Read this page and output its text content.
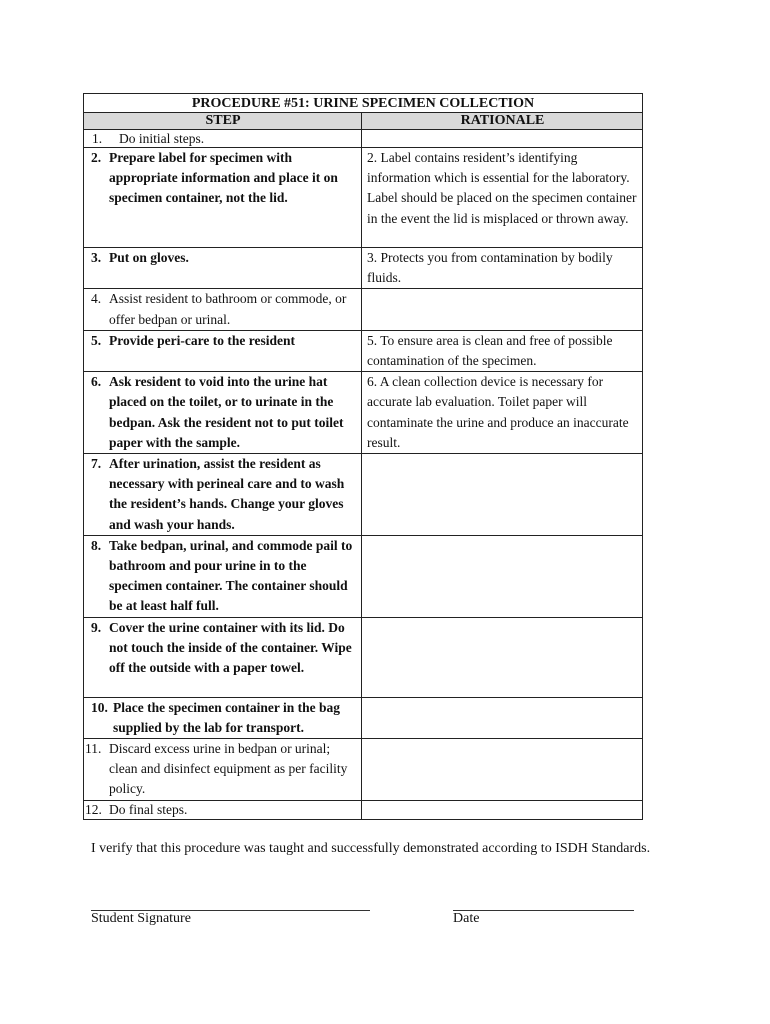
PROCEDURE #51: URINE SPECIMEN COLLECTION	
STEP	RATIONALE

1. Do initial steps.	

2. Prepare label for specimen with appropriate information and place it on specimen container, not the lid.	2. Label contains resident’s identifying information which is essential for the laboratory. Label should be placed on the specimen container in the event the lid is misplaced or thrown away.

3. Put on gloves.	3. Protects you from contamination by bodily fluids.

4. Assist resident to bathroom or commode, or offer bedpan or urinal.	

5. Provide peri-care to the resident	5. To ensure area is clean and free of possible contamination of the specimen.

6. Ask resident to void into the urine hat placed on the toilet, or to urinate in the bedpan. Ask the resident not to put toilet paper with the sample.	6. A clean collection device is necessary for accurate lab evaluation. Toilet paper will contaminate the urine and produce an inaccurate result.

7. After urination, assist the resident as necessary with perineal care and to wash the resident’s hands. Change your gloves and wash your hands.	

8. Take bedpan, urinal, and commode pail to bathroom and pour urine in to the specimen container. The container should be at least half full.	

9. Cover the urine container with its lid. Do not touch the inside of the container. Wipe off the outside with a paper towel.	

10. Place the specimen container in the bag supplied by the lab for transport.	

11. Discard excess urine in bedpan or urinal; clean and disinfect equipment as per facility policy.	

12. Do final steps.	

I verify that this procedure was taught and successfully demonstrated according to ISDH Standards.
Student Signature	Date
